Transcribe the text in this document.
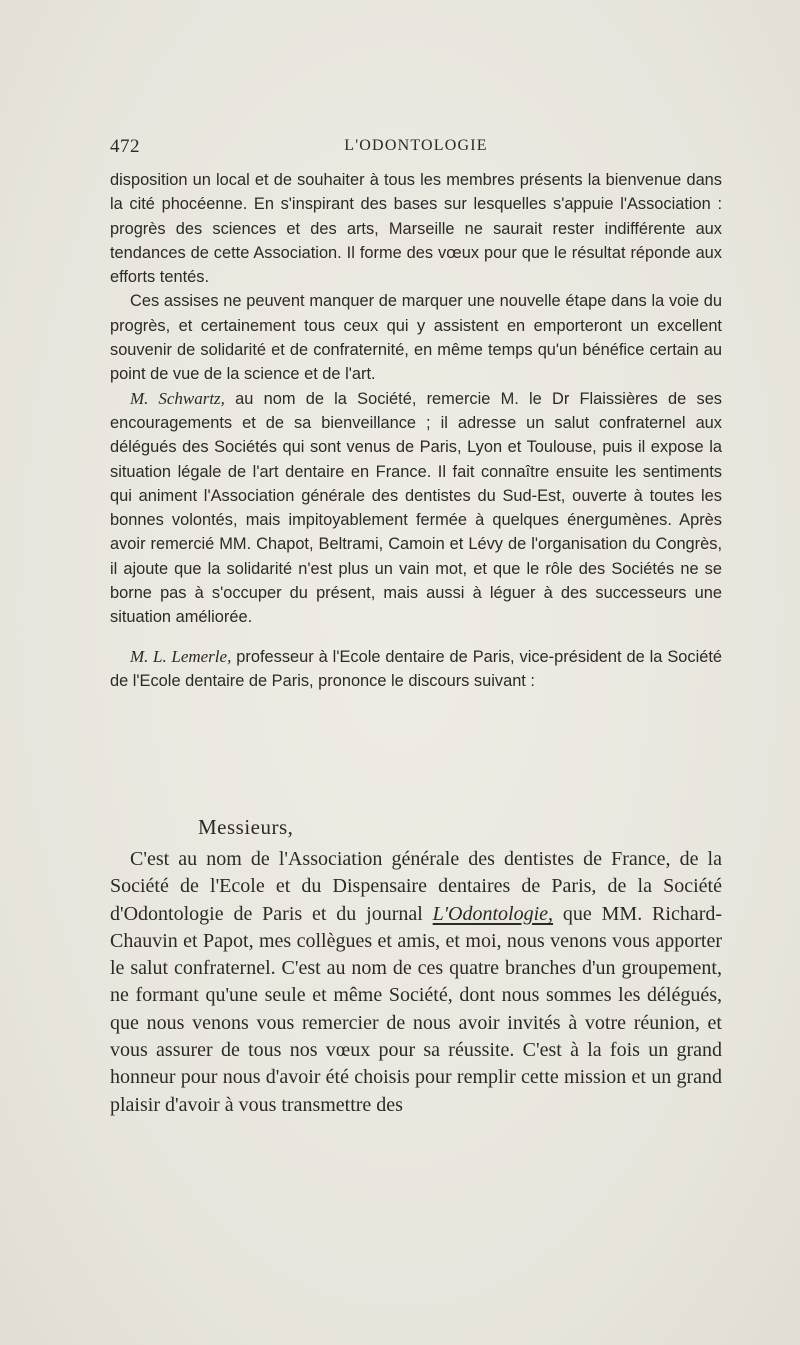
472	L'ODONTOLOGIE

disposition un local et de souhaiter à tous les membres présents la bienvenue dans la cité phocéenne. En s'inspirant des bases sur lesquelles s'appuie l'Association : progrès des sciences et des arts, Marseille ne saurait rester indifférente aux tendances de cette Association. Il forme des vœux pour que le résultat réponde aux efforts tentés.

Ces assises ne peuvent manquer de marquer une nouvelle étape dans la voie du progrès, et certainement tous ceux qui y assistent en emporteront un excellent souvenir de solidarité et de confraternité, en même temps qu'un bénéfice certain au point de vue de la science et de l'art.

M. Schwartz, au nom de la Société, remercie M. le Dr Flaissières de ses encouragements et de sa bienveillance ; il adresse un salut confraternel aux délégués des Sociétés qui sont venus de Paris, Lyon et Toulouse, puis il expose la situation légale de l'art dentaire en France. Il fait connaître ensuite les sentiments qui animent l'Association générale des dentistes du Sud-Est, ouverte à toutes les bonnes volontés, mais impitoyablement fermée à quelques énergumènes. Après avoir remercié MM. Chapot, Beltrami, Camoin et Lévy de l'organisation du Congrès, il ajoute que la solidarité n'est plus un vain mot, et que le rôle des Sociétés ne se borne pas à s'occuper du présent, mais aussi à léguer à des successeurs une situation améliorée.

M. L. Lemerle, professeur à l'Ecole dentaire de Paris, vice-président de la Société de l'Ecole dentaire de Paris, prononce le discours suivant :

Messieurs,

C'est au nom de l'Association générale des dentistes de France, de la Société de l'Ecole et du Dispensaire dentaires de Paris, de la Société d'Odontologie de Paris et du journal L'Odontologie, que MM. Richard-Chauvin et Papot, mes collègues et amis, et moi, nous venons vous apporter le salut confraternel. C'est au nom de ces quatre branches d'un groupement, ne formant qu'une seule et même Société, dont nous sommes les délégués, que nous venons vous remercier de nous avoir invités à votre réunion, et vous assurer de tous nos vœux pour sa réussite. C'est à la fois un grand honneur pour nous d'avoir été choisis pour remplir cette mission et un grand plaisir d'avoir à vous transmettre des
